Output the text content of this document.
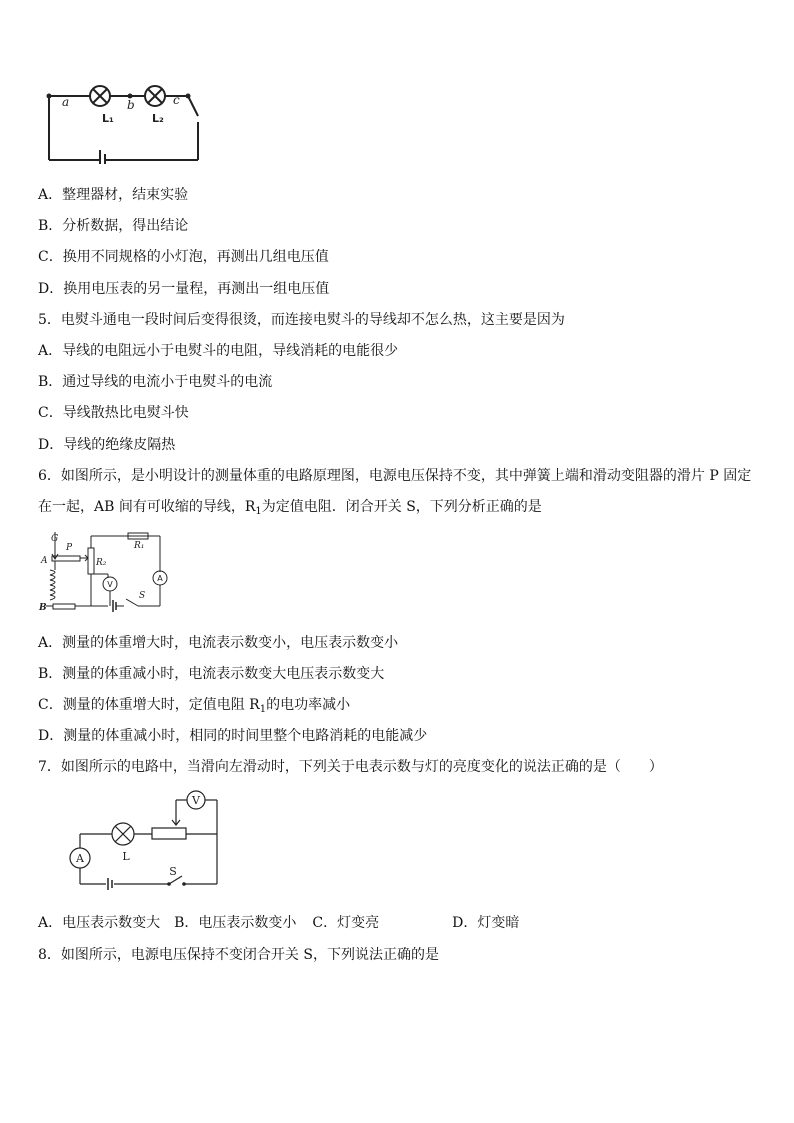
a	b	c
L₁	L₂
A．整理器材，结束实验
B．分析数据，得出结论
C．换用不同规格的小灯泡，再测出几组电压值
D．换用电压表的另一量程，再测出一组电压值
5．电熨斗通电一段时间后变得很烫，而连接电熨斗的导线却不怎么热，这主要是因为
A．导线的电阻远小于电熨斗的电阻，导线消耗的电能很少
B．通过导线的电流小于电熨斗的电流
C．导线散热比电熨斗快
D．导线的绝缘皮隔热
6．如图所示，是小明设计的测量体重的电路原理图，电源电压保持不变，其中弹簧上端和滑动变阻器的滑片 P 固定在一起，AB 间有可收缩的导线，$R_1$为定值电阻．闭合开关 S，下列分析正确的是
G
P
A
B
R₂
R₁
S
V
A
A．测量的体重增大时，电流表示数变小，电压表示数变小
B．测量的体重减小时，电流表示数变大电压表示数变大
C．测量的体重增大时，定值电阻 $R_1$的电功率减小
D．测量的体重减小时，相同的时间里整个电路消耗的电能减少
7．如图所示的电路中，当滑向左滑动时，下列关于电表示数与灯的亮度变化的说法正确的是（　　）
V
A	L
S
A．电压表示数变大 B．电压表示数变小 C．灯变亮	D．灯变暗
8．如图所示，电源电压保持不变闭合开关 S，下列说法正确的是
